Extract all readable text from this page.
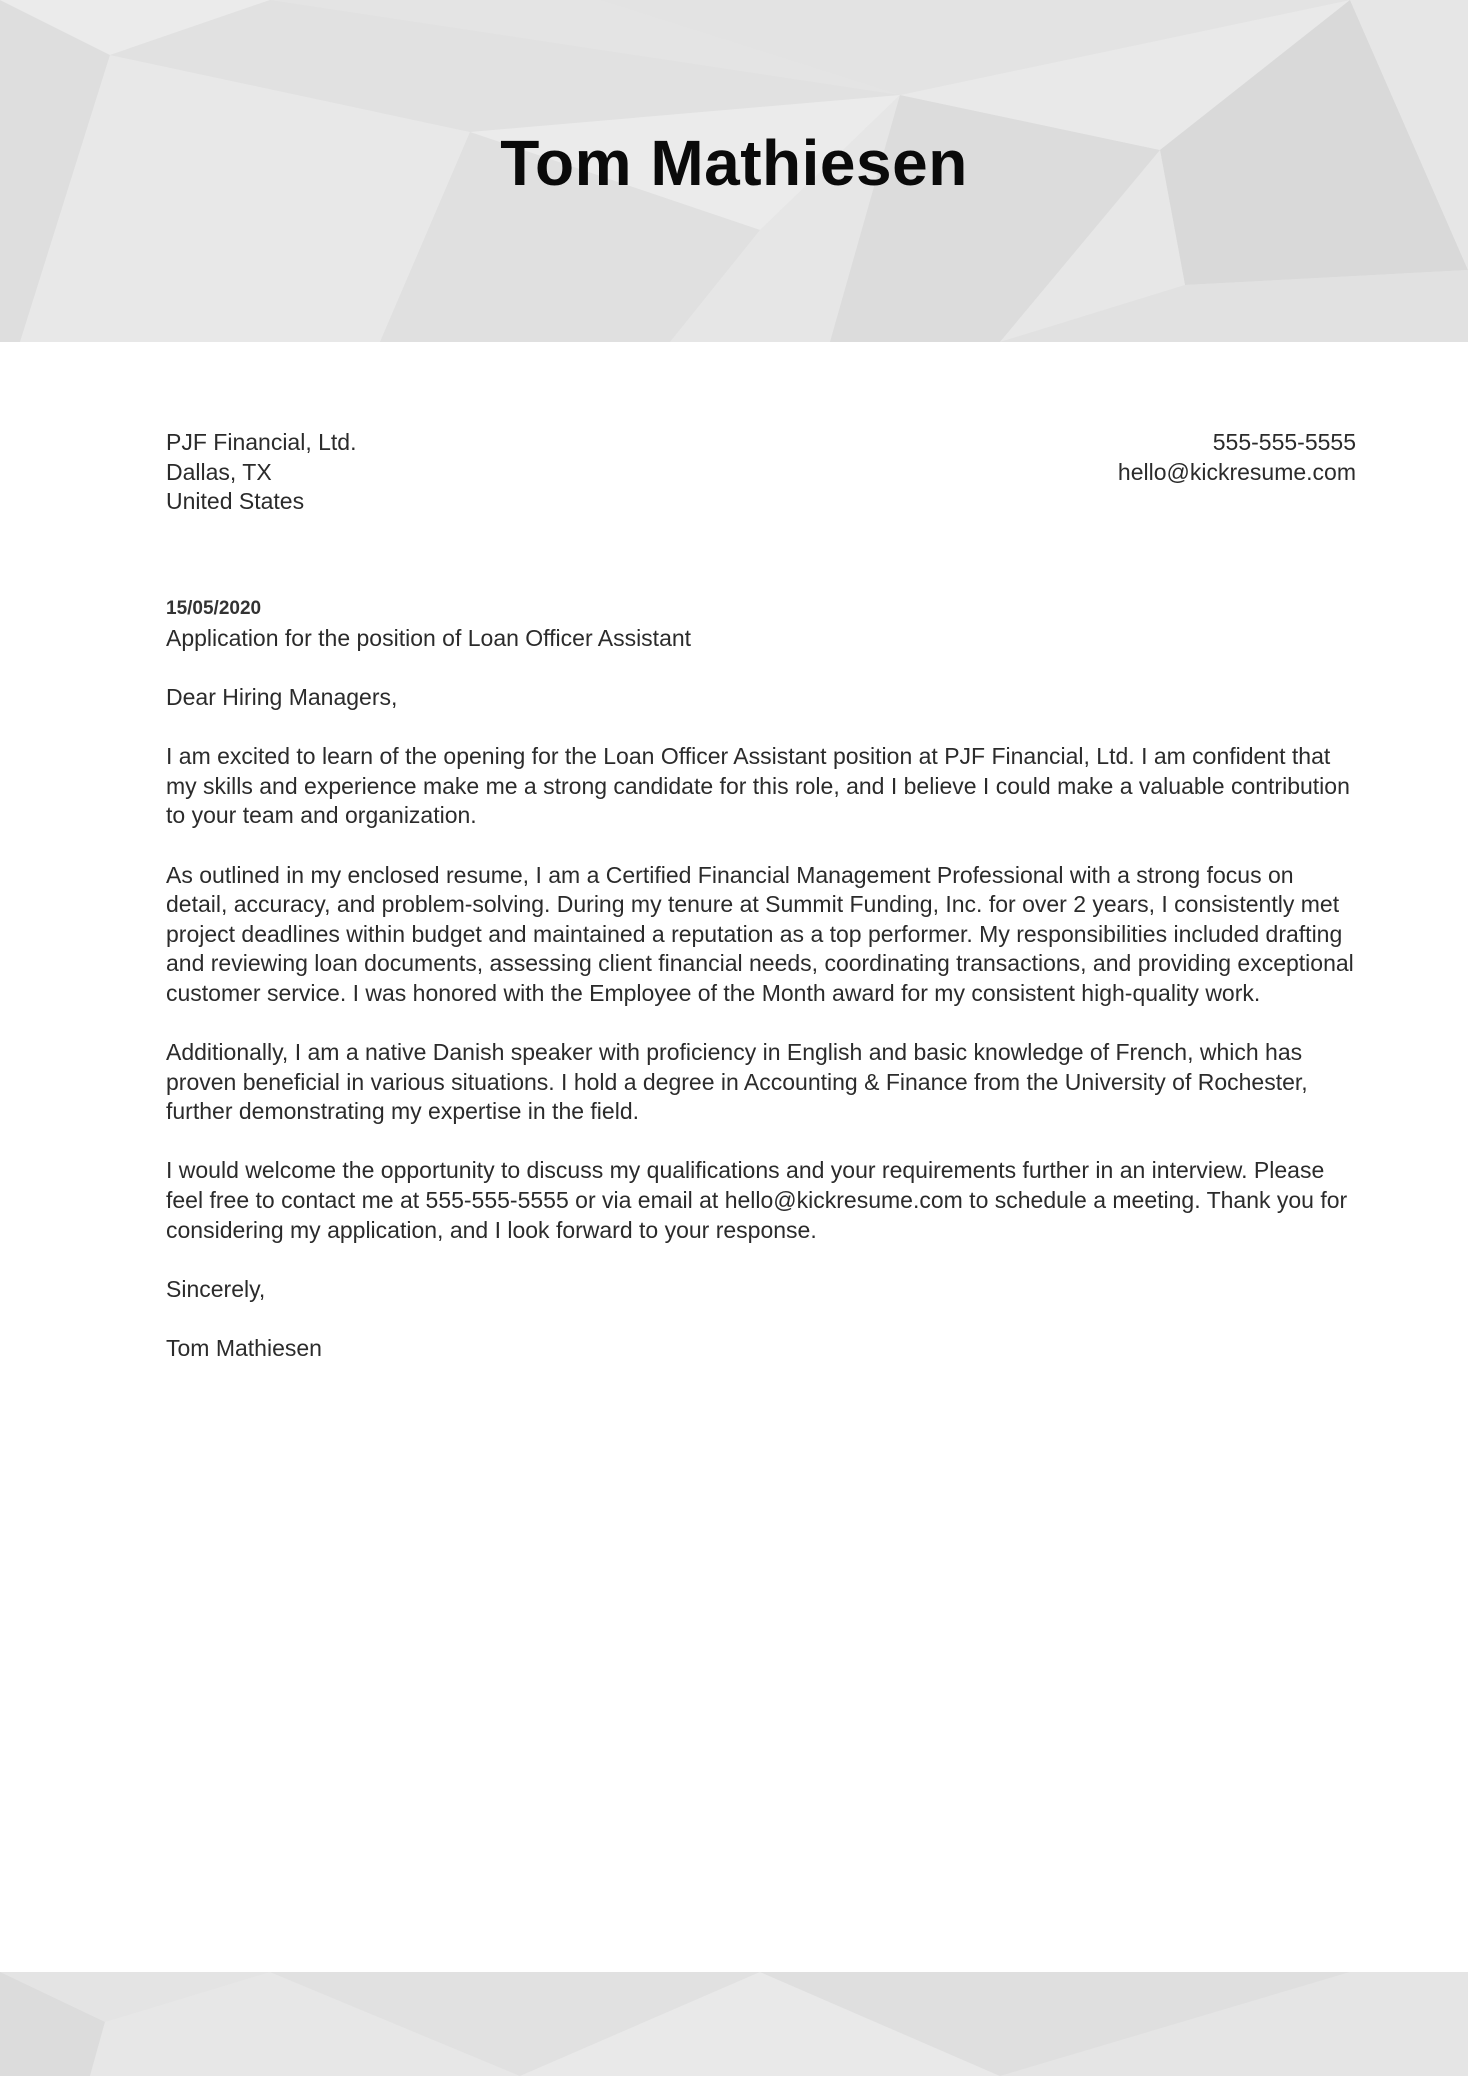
Tom Mathiesen
PJF Financial, Ltd.
Dallas, TX
United States
555-555-5555
hello@kickresume.com
15/05/2020
Application for the position of Loan Officer Assistant

Dear Hiring Managers,

I am excited to learn of the opening for the Loan Officer Assistant position at PJF Financial, Ltd. I am confident that my skills and experience make me a strong candidate for this role, and I believe I could make a valuable contribution to your team and organization.

As outlined in my enclosed resume, I am a Certified Financial Management Professional with a strong focus on detail, accuracy, and problem-solving. During my tenure at Summit Funding, Inc. for over 2 years, I consistently met project deadlines within budget and maintained a reputation as a top performer. My responsibilities included drafting and reviewing loan documents, assessing client financial needs, coordinating transactions, and providing exceptional customer service. I was honored with the Employee of the Month award for my consistent high-quality work.

Additionally, I am a native Danish speaker with proficiency in English and basic knowledge of French, which has proven beneficial in various situations. I hold a degree in Accounting & Finance from the University of Rochester, further demonstrating my expertise in the field.

I would welcome the opportunity to discuss my qualifications and your requirements further in an interview. Please feel free to contact me at 555-555-5555 or via email at hello@kickresume.com to schedule a meeting. Thank you for considering my application, and I look forward to your response.

Sincerely,

Tom Mathiesen
